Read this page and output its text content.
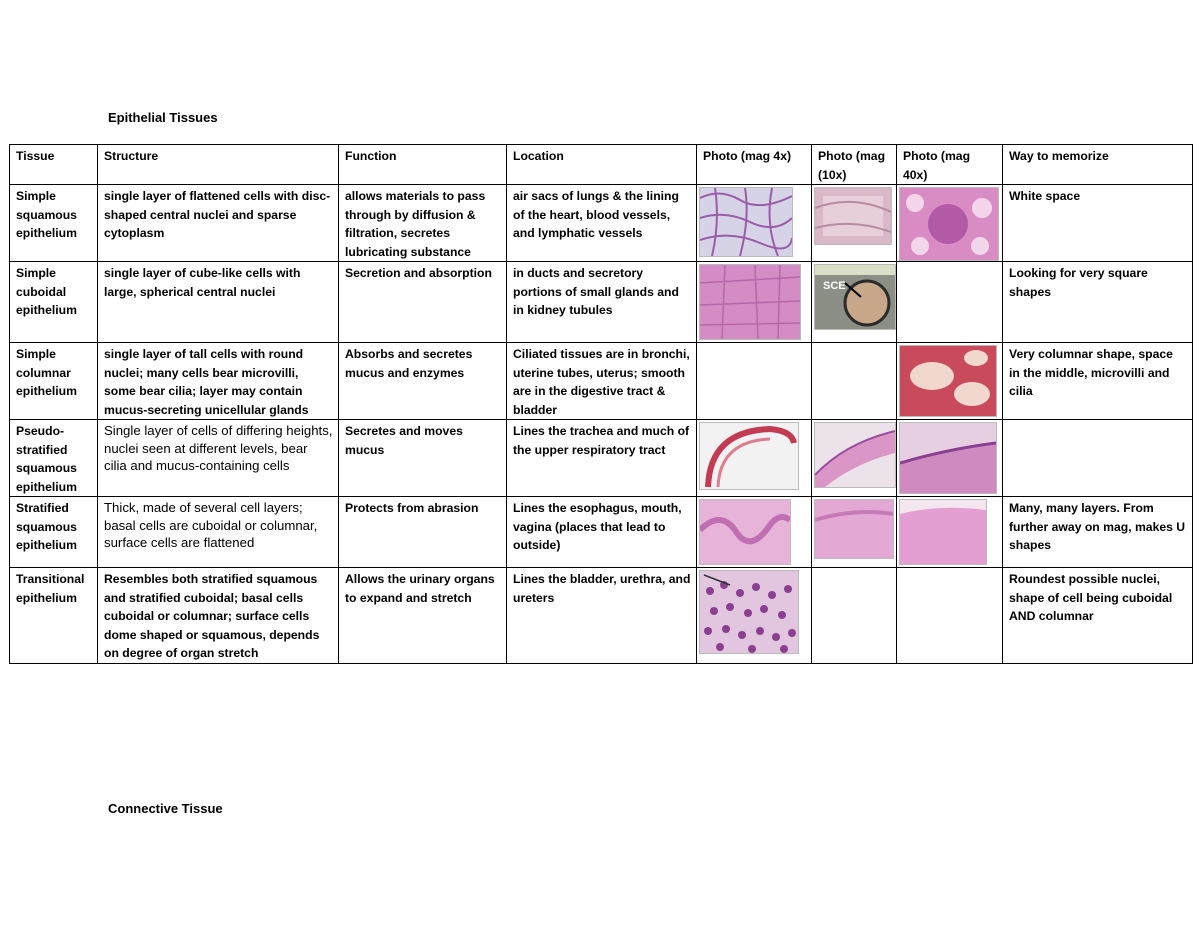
Epithelial Tissues
Tissue	Structure	Function	Location	Photo (mag 4x)	Photo (mag (10x)	Photo (mag 40x)	Way to memorize
Simple squamous epithelium	single layer of flattened cells with disc-shaped central nuclei and sparse cytoplasm	allows materials to pass through by diffusion & filtration, secretes lubricating substance	air sacs of lungs & the lining of the heart, blood vessels, and lymphatic vessels				White space
Simple cuboidal epithelium	single layer of cube-like cells with large, spherical central nuclei	Secretion and absorption	in ducts and secretory portions of small glands and in kidney tubules		SCE		Looking for very square shapes
Simple columnar epithelium	single layer of tall cells with round nuclei; many cells bear microvilli, some bear cilia; layer may contain mucus-secreting unicellular glands	Absorbs and secretes mucus and enzymes	Ciliated tissues are in bronchi, uterine tubes, uterus; smooth are in the digestive tract & bladder				Very columnar shape, space in the middle, microvilli and cilia
Pseudo-stratified squamous epithelium	Single layer of cells of differing heights, nuclei seen at different levels, bear cilia and mucus-containing cells	Secretes and moves mucus	Lines the trachea and much of the upper respiratory tract	

Stratified squamous epithelium	Thick, made of several cell layers; basal cells are cuboidal or columnar, surface cells are flattened	Protects from abrasion	Lines the esophagus, mouth, vagina (places that lead to outside)				Many, many layers. From further away on mag, makes U shapes
Transitional epithelium	Resembles both stratified squamous and stratified cuboidal; basal cells cuboidal or columnar; surface cells dome shaped or squamous, depends on degree of organ stretch	Allows the urinary organs to expand and stretch	Lines the bladder, urethra, and ureters				Roundest possible nuclei, shape of cell being cuboidal AND columnar
Connective Tissue
